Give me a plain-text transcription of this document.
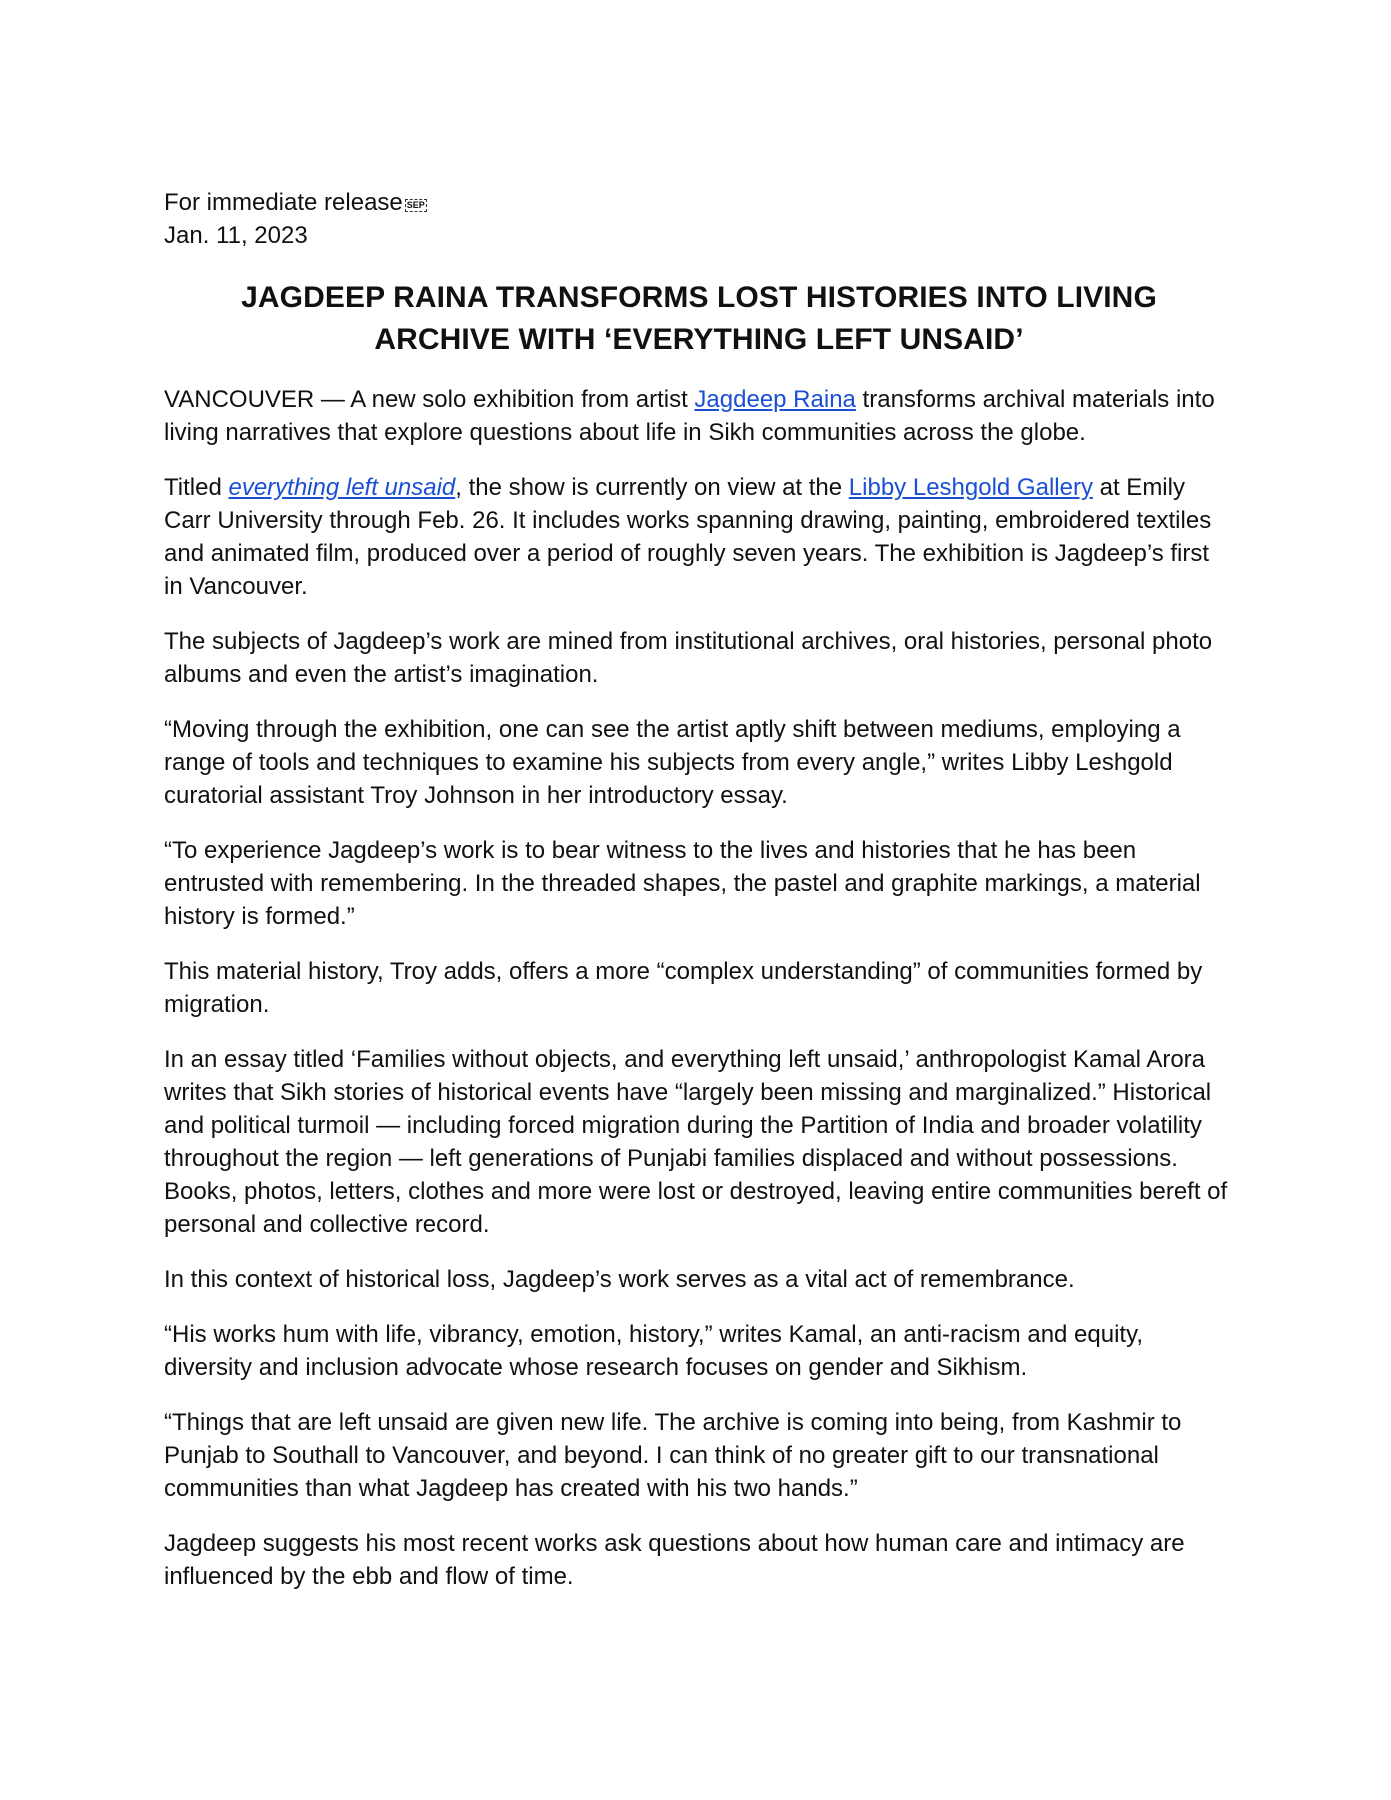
For immediate release SEP

Jan. 11, 2023

JAGDEEP RAINA TRANSFORMS LOST HISTORIES INTO LIVING
ARCHIVE WITH ‘EVERYTHING LEFT UNSAID’

VANCOUVER — A new solo exhibition from artist Jagdeep Raina transforms archival materials into living narratives that explore questions about life in Sikh communities across the globe.

Titled everything left unsaid, the show is currently on view at the Libby Leshgold Gallery at Emily Carr University through Feb. 26. It includes works spanning drawing, painting, embroidered textiles and animated film, produced over a period of roughly seven years. The exhibition is Jagdeep’s first in Vancouver.

The subjects of Jagdeep’s work are mined from institutional archives, oral histories, personal photo albums and even the artist’s imagination.

“Moving through the exhibition, one can see the artist aptly shift between mediums, employing a range of tools and techniques to examine his subjects from every angle,” writes Libby Leshgold curatorial assistant Troy Johnson in her introductory essay.

“To experience Jagdeep’s work is to bear witness to the lives and histories that he has been entrusted with remembering. In the threaded shapes, the pastel and graphite markings, a material history is formed.”

This material history, Troy adds, offers a more “complex understanding” of communities formed by migration.

In an essay titled ‘Families without objects, and everything left unsaid,’ anthropologist Kamal Arora writes that Sikh stories of historical events have “largely been missing and marginalized.” Historical and political turmoil — including forced migration during the Partition of India and broader volatility throughout the region — left generations of Punjabi families displaced and without possessions. Books, photos, letters, clothes and more were lost or destroyed, leaving entire communities bereft of personal and collective record.

In this context of historical loss, Jagdeep’s work serves as a vital act of remembrance.

“His works hum with life, vibrancy, emotion, history,” writes Kamal, an anti-racism and equity, diversity and inclusion advocate whose research focuses on gender and Sikhism.

“Things that are left unsaid are given new life. The archive is coming into being, from Kashmir to Punjab to Southall to Vancouver, and beyond. I can think of no greater gift to our transnational communities than what Jagdeep has created with his two hands.”

Jagdeep suggests his most recent works ask questions about how human care and intimacy are influenced by the ebb and flow of time.
